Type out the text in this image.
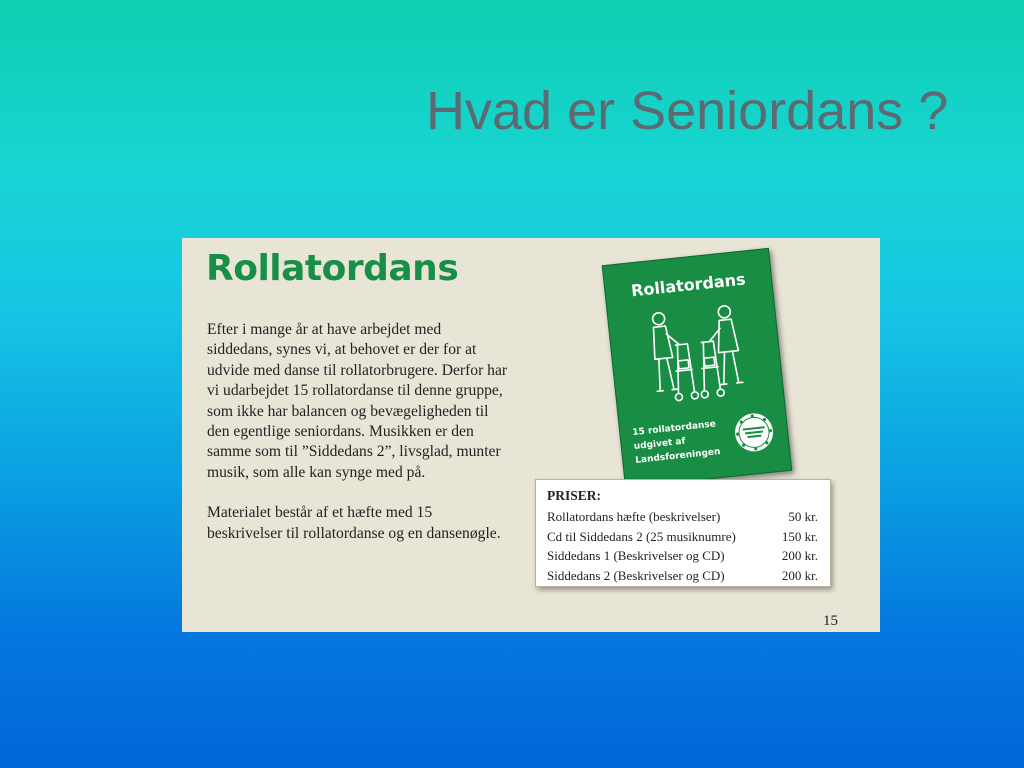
Hvad er Seniordans ?
Rollatordans

Efter i mange år at have arbejdet med siddedans, synes vi, at behovet er der for at udvide med danse til rollatorbrugere. Derfor har vi udarbejdet 15 rollatordanse til denne gruppe, som ikke har balancen og bevægeligheden til den egentlige seniordans. Musikken er den samme som til ”Siddedans 2”, livsglad, munter musik, som alle kan synge med på.

Materialet består af et hæfte med 15 beskrivelser til rollatordanse og en dansenøgle.

Rollatordans
15 rollatordanse
udgivet af
Landsforeningen
PRISER:
Rollatordans hæfte (beskrivelser)	50 kr.
Cd til Siddedans 2 (25 musiknumre)	150 kr.
Siddedans 1 (Beskrivelser og CD)	200 kr.
Siddedans 2 (Beskrivelser og CD)	200 kr.
15
